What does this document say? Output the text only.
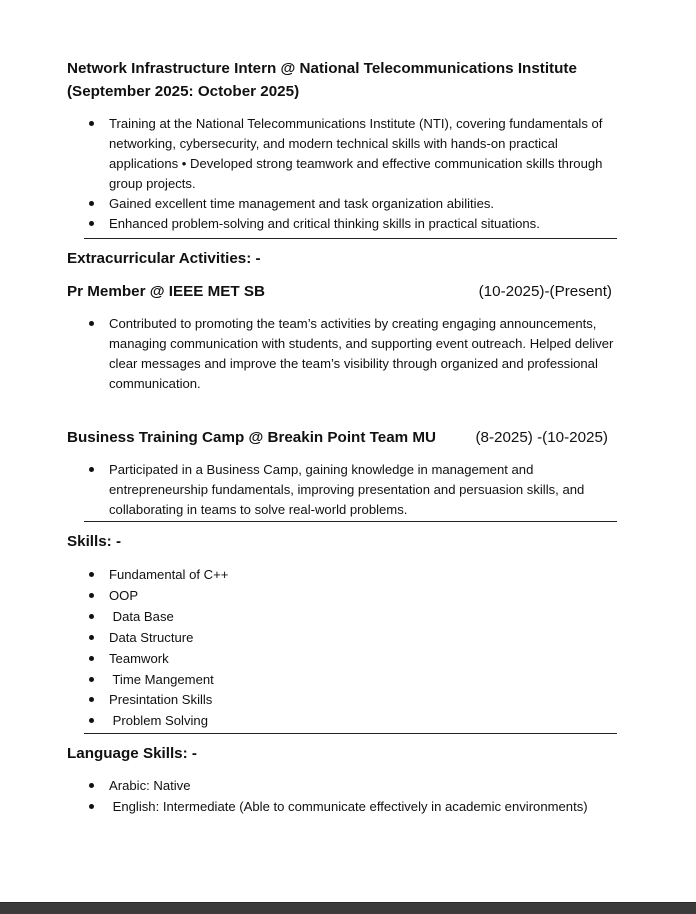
Network Infrastructure Intern @ National Telecommunications Institute
(September 2025: October 2025)
Training at the National Telecommunications Institute (NTI), covering fundamentals of networking, cybersecurity, and modern technical skills with hands-on practical applications • Developed strong teamwork and effective communication skills through group projects.
Gained excellent time management and task organization abilities.
Enhanced problem-solving and critical thinking skills in practical situations.
Extracurricular Activities: -
Pr Member @ IEEE MET SB	(10-2025)-(Present)
Contributed to promoting the team’s activities by creating engaging announcements, managing communication with students, and supporting event outreach. Helped deliver clear messages and improve the team’s visibility through organized and professional communication.
Business Training Camp @ Breakin Point Team MU	(8-2025) -(10-2025)
Participated in a Business Camp, gaining knowledge in management and entrepreneurship fundamentals, improving presentation and persuasion skills, and collaborating in teams to solve real-world problems.
Skills: -
Fundamental of C++
OOP
Data Base
Data Structure
Teamwork
Time Mangement
Presintation Skills
Problem Solving
Language Skills: -
Arabic: Native
English: Intermediate (Able to communicate effectively in academic environments)
